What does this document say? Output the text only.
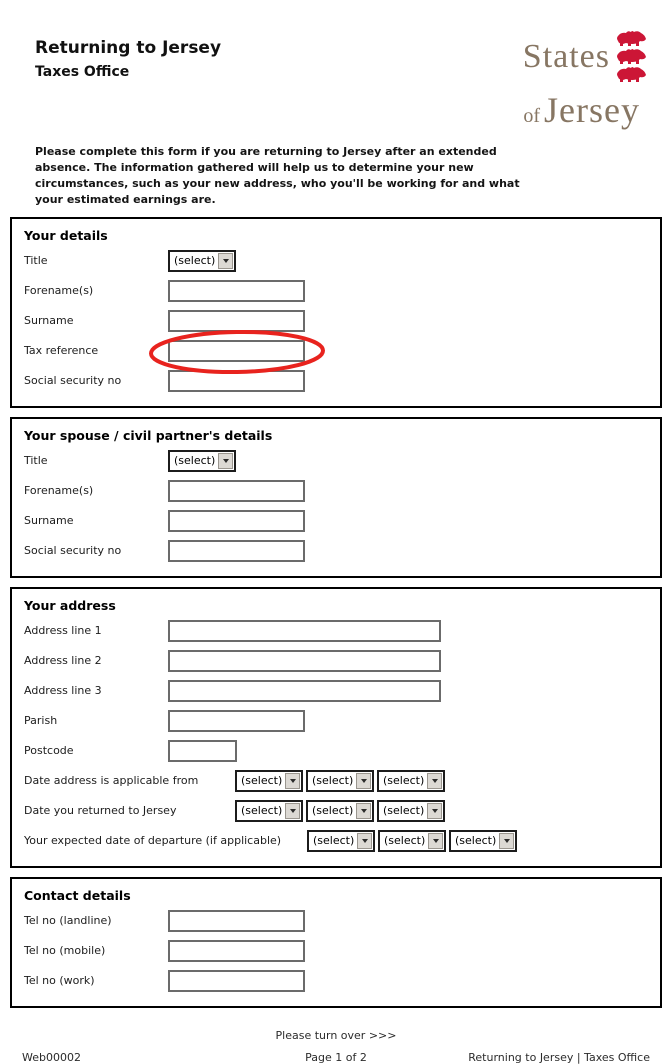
Returning to Jersey
Taxes Office	States
of Jersey

Please complete this form if you are returning to Jersey after an extended absence. The information gathered will help us to determine your new circumstances, such as your new address, who you'll be working for and what your estimated earnings are.

Your details
Title	(select)
Forename(s)
Surname
Tax reference
Social security no
Your spouse / civil partner's details
Title	(select)
Forename(s)
Surname
Social security no
Your address
Address line 1
Address line 2
Address line 3
Parish
Postcode
Date address is applicable from	(select)	(select)	(select)
Date you returned to Jersey	(select)	(select)	(select)
Your expected date of departure (if applicable)	(select)	(select)	(select)
Contact details
Tel no (landline)
Tel no (mobile)
Tel no (work)
Please turn over >>>
Web00002	Page 1 of 2	Returning to Jersey | Taxes Office
